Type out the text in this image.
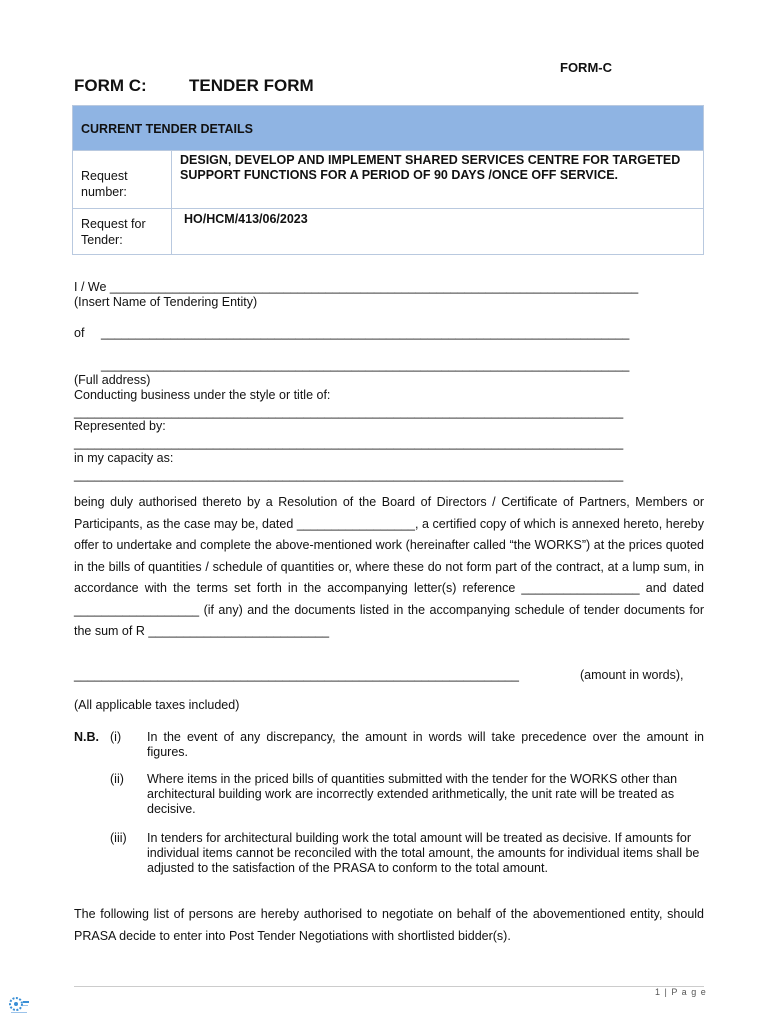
FORM-C
FORM C: TENDER FORM
CURRENT TENDER DETAILS	

Request number:	DESIGN, DEVELOP AND IMPLEMENT SHARED SERVICES CENTRE FOR TARGETED SUPPORT FUNCTIONS FOR A PERIOD OF 90 DAYS /ONCE OFF SERVICE.

Request for Tender:	HO/HCM/413/06/2023
I / We ____________________________________________________________________________
(Insert Name of Tendering Entity)
of ____________________________________________________________________________
____________________________________________________________________________
(Full address)
Conducting business under the style or title of:
_______________________________________________________________________________
Represented by:
_______________________________________________________________________________
in my capacity as:
_______________________________________________________________________________
being duly authorised thereto by a Resolution of the Board of Directors / Certificate of Partners, Members or Participants, as the case may be, dated _________________, a certified copy of which is annexed hereto, hereby offer to undertake and complete the above-mentioned work (hereinafter called “the WORKS”) at the prices quoted in the bills of quantities / schedule of quantities or, where these do not form part of the contract, at a lump sum, in accordance with the terms set forth in the accompanying letter(s) reference _________________ and dated __________________ (if any) and the documents listed in the accompanying schedule of tender documents for the sum of R __________________________
________________________________________________________________	(amount in words),
(All applicable taxes included)
N.B. (i) In the event of any discrepancy, the amount in words will take precedence over the amount in figures.
(ii) Where items in the priced bills of quantities submitted with the tender for the WORKS other than architectural building work are incorrectly extended arithmetically, the unit rate will be treated as decisive.
(iii) In tenders for architectural building work the total amount will be treated as decisive. If amounts for individual items cannot be reconciled with the total amount, the amounts for individual items shall be adjusted to the satisfaction of the PRASA to conform to the total amount.
The following list of persons are hereby authorised to negotiate on behalf of the abovementioned entity, should PRASA decide to enter into Post Tender Negotiations with shortlisted bidder(s).
1 | P a g e
